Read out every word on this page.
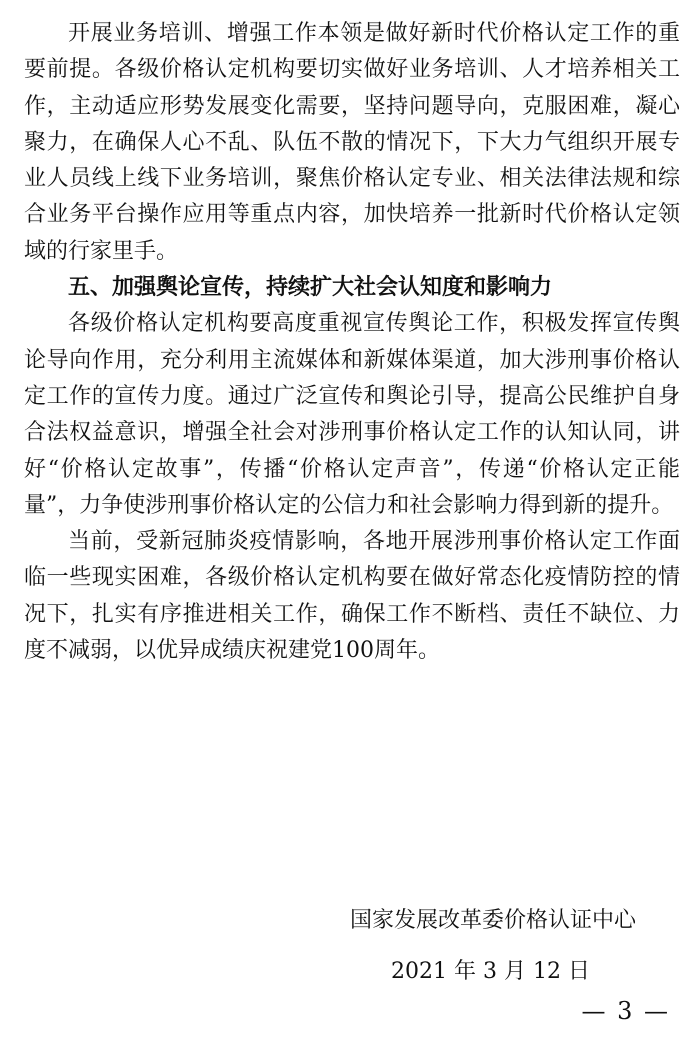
开展业务培训、增强工作本领是做好新时代价格认定工作的重要前提。各级价格认定机构要切实做好业务培训、人才培养相关工作，主动适应形势发展变化需要，坚持问题导向，克服困难，凝心聚力，在确保人心不乱、队伍不散的情况下，下大力气组织开展专业人员线上线下业务培训，聚焦价格认定专业、相关法律法规和综合业务平台操作应用等重点内容，加快培养一批新时代价格认定领域的行家里手。

五、加强舆论宣传，持续扩大社会认知度和影响力

各级价格认定机构要高度重视宣传舆论工作，积极发挥宣传舆论导向作用，充分利用主流媒体和新媒体渠道，加大涉刑事价格认定工作的宣传力度。通过广泛宣传和舆论引导，提高公民维护自身合法权益意识，增强全社会对涉刑事价格认定工作的认知认同，讲好“价格认定故事”，传播“价格认定声音”，传递“价格认定正能量”，力争使涉刑事价格认定的公信力和社会影响力得到新的提升。

当前，受新冠肺炎疫情影响，各地开展涉刑事价格认定工作面临一些现实困难，各级价格认定机构要在做好常态化疫情防控的情况下，扎实有序推进相关工作，确保工作不断档、责任不缺位、力度不减弱，以优异成绩庆祝建党100周年。

国家发展改革委价格认证中心
2021 年 3 月 12 日
— 3 —
